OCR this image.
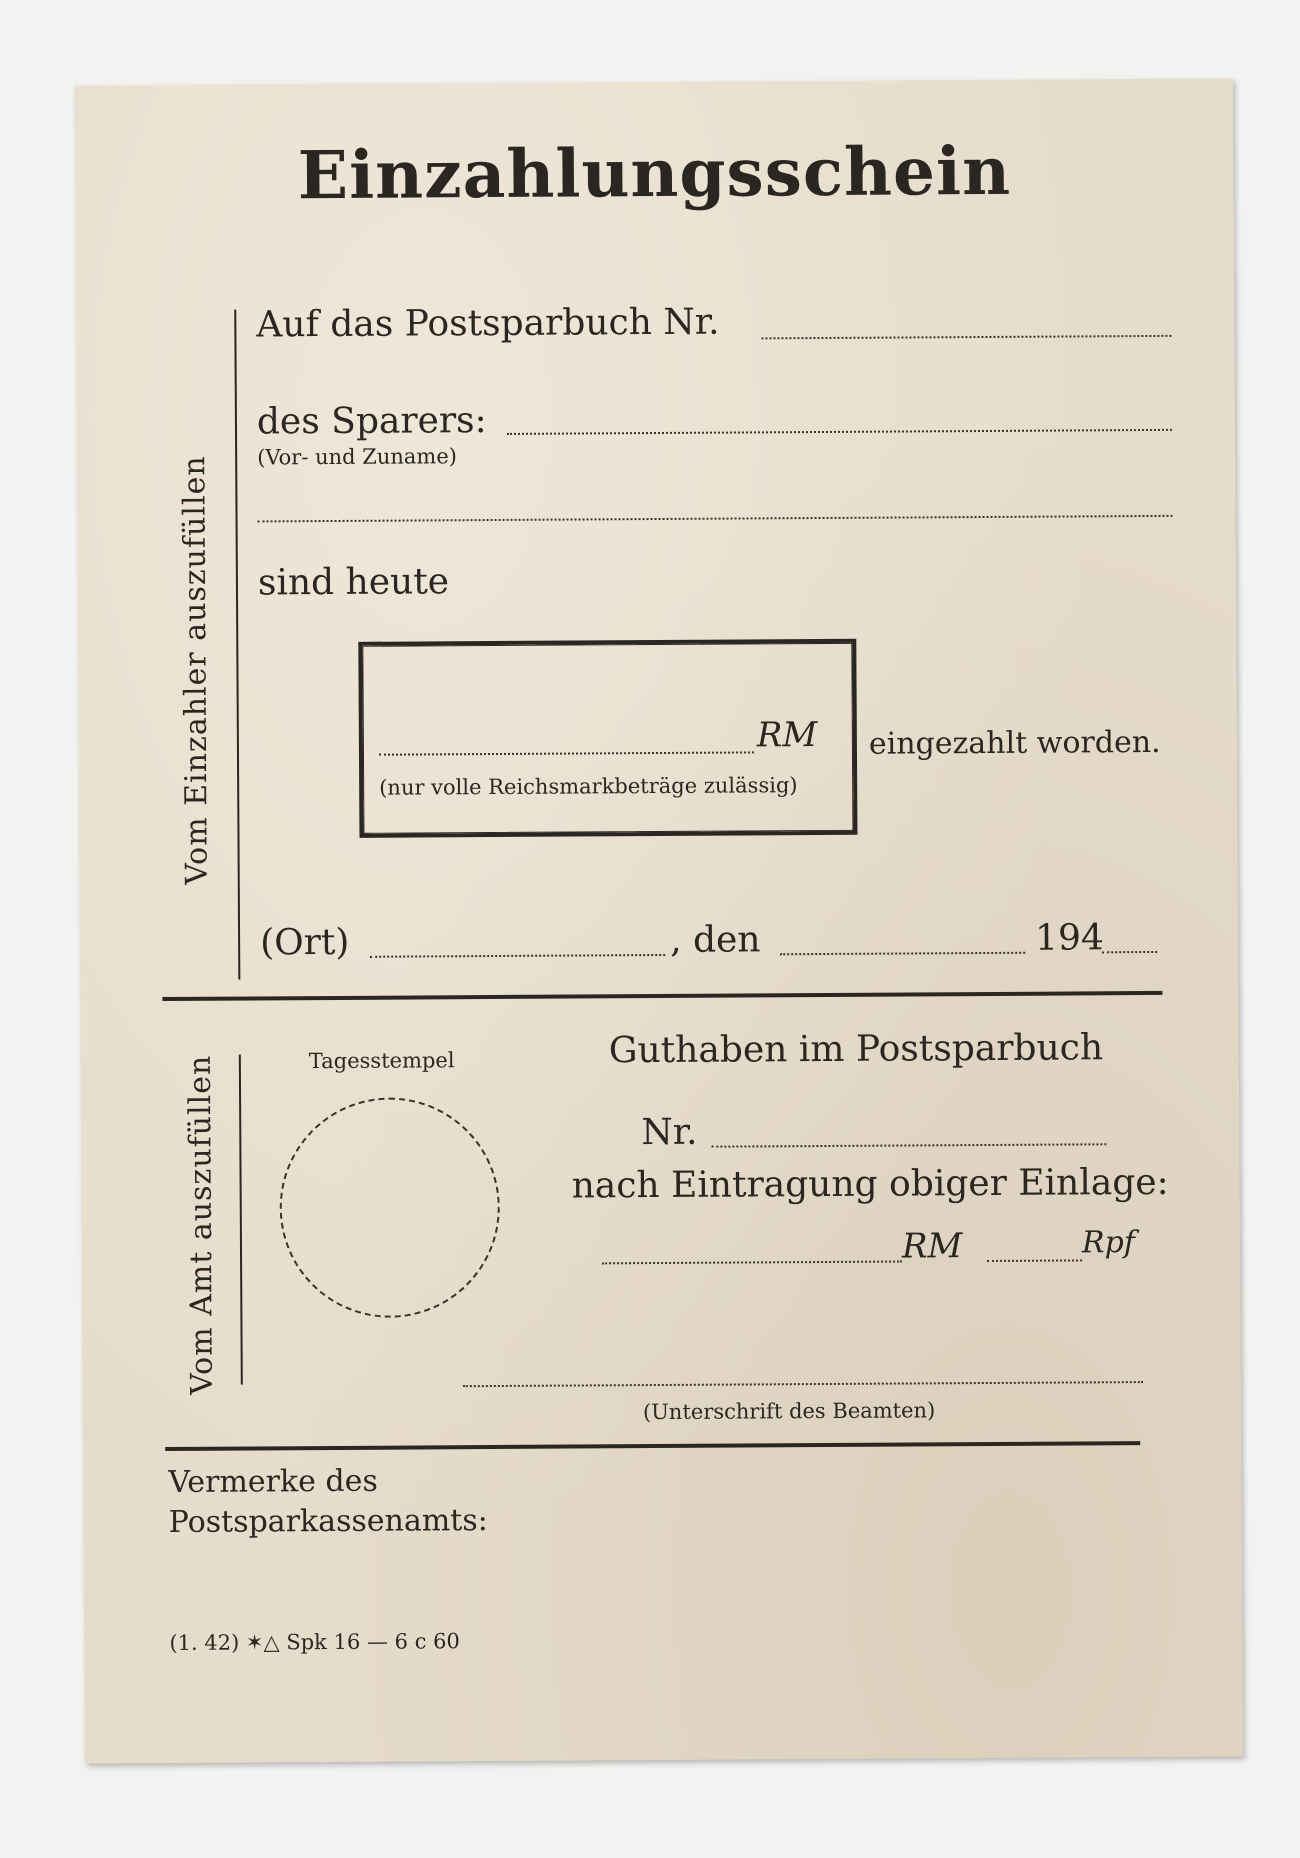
Einzahlungsschein
Vom Einzahler auszufüllen
Auf das Postsparbuch Nr.
des Sparers:
(Vor- und Zuname)
sind heute
RM
(nur volle Reichsmarkbeträge zulässig)
eingezahlt worden.
(Ort)	, den	194
Vom Amt auszufüllen	Tagesstempel	Guthaben im Postsparbuch
Nr.
nach Eintragung obiger Einlage:
RM	Rpf
(Unterschrift des Beamten)
Vermerke des
Postsparkassenamts:
(1. 42) ✶△ Spk 16 — 6 c 60
